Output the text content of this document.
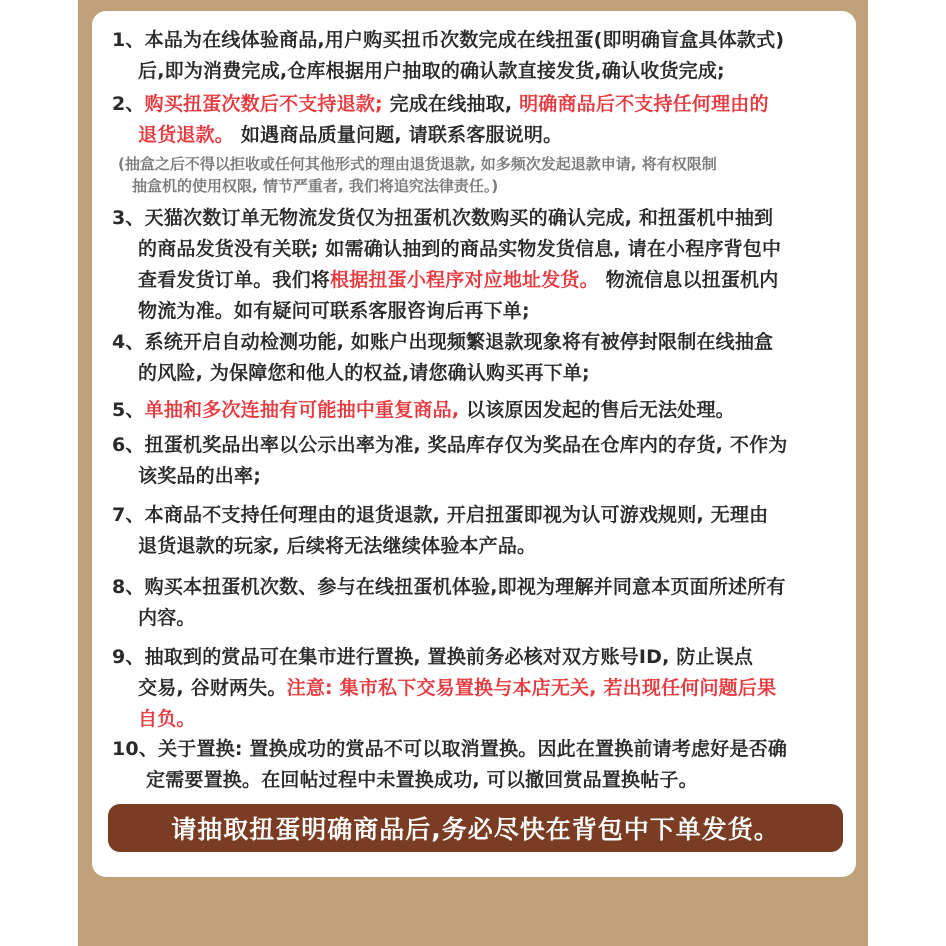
1、本品为在线体验商品,用户购买扭币次数完成在线扭蛋(即明确盲盒具体款式)
后,即为消费完成,仓库根据用户抽取的确认款直接发货,确认收货完成;
2、购买扭蛋次数后不支持退款; 完成在线抽取, 明确商品后不支持任何理由的
退货退款。 如遇商品质量问题, 请联系客服说明。
(抽盒之后不得以拒收或任何其他形式的理由退货退款, 如多频次发起退款申请, 将有权限制
抽盒机的使用权限, 情节严重者, 我们将追究法律责任。)
3、天猫次数订单无物流发货仅为扭蛋机次数购买的确认完成, 和扭蛋机中抽到
的商品发货没有关联; 如需确认抽到的商品实物发货信息, 请在小程序背包中
查看发货订单。我们将根据扭蛋小程序对应地址发货。 物流信息以扭蛋机内
物流为准。如有疑问可联系客服咨询后再下单;
4、系统开启自动检测功能, 如账户出现频繁退款现象将有被停封限制在线抽盒
的风险, 为保障您和他人的权益,请您确认购买再下单;
5、单抽和多次连抽有可能抽中重复商品, 以该原因发起的售后无法处理。
6、扭蛋机奖品出率以公示出率为准, 奖品库存仅为奖品在仓库内的存货, 不作为
该奖品的出率;
7、本商品不支持任何理由的退货退款, 开启扭蛋即视为认可游戏规则, 无理由
退货退款的玩家, 后续将无法继续体验本产品。
8、购买本扭蛋机次数、参与在线扭蛋机体验,即视为理解并同意本页面所述所有
内容。
9、抽取到的赏品可在集市进行置换, 置换前务必核对双方账号ID, 防止误点
交易, 谷财两失。注意: 集市私下交易置换与本店无关, 若出现任何问题后果
自负。
10、关于置换: 置换成功的赏品不可以取消置换。因此在置换前请考虑好是否确
定需要置换。在回帖过程中未置换成功, 可以撤回赏品置换帖子。
请抽取扭蛋明确商品后,务必尽快在背包中下单发货。
